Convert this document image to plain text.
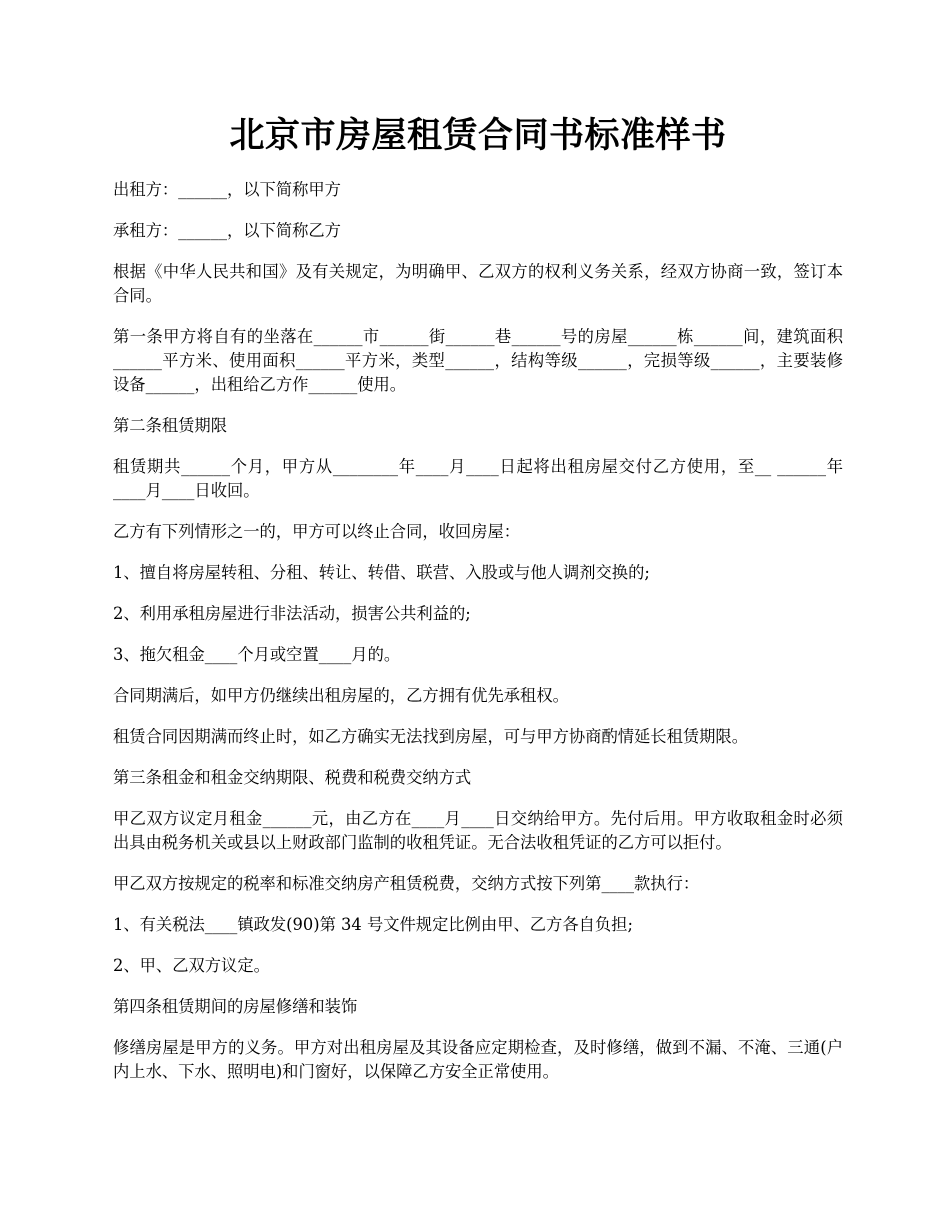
北京市房屋租赁合同书标准样书

出租方：______，以下简称甲方

承租方：______，以下简称乙方

根据《中华人民共和国》及有关规定，为明确甲、乙双方的权利义务关系，经双方协商一致，签订本合同。

第一条甲方将自有的坐落在______市______街______巷______号的房屋______栋______间，建筑面积______平方米、使用面积______平方米，类型______，结构等级______，完损等级______，主要装修设备______，出租给乙方作______使用。

第二条租赁期限

租赁期共______个月，甲方从________年____月____日起将出租房屋交付乙方使用，至__ ______年____月____日收回。

乙方有下列情形之一的，甲方可以终止合同，收回房屋：

1、擅自将房屋转租、分租、转让、转借、联营、入股或与他人调剂交换的;

2、利用承租房屋进行非法活动，损害公共利益的;

3、拖欠租金____个月或空置____月的。

合同期满后，如甲方仍继续出租房屋的，乙方拥有优先承租权。

租赁合同因期满而终止时，如乙方确实无法找到房屋，可与甲方协商酌情延长租赁期限。

第三条租金和租金交纳期限、税费和税费交纳方式

甲乙双方议定月租金______元，由乙方在____月____日交纳给甲方。先付后用。甲方收取租金时必须出具由税务机关或县以上财政部门监制的收租凭证。无合法收租凭证的乙方可以拒付。

甲乙双方按规定的税率和标准交纳房产租赁税费，交纳方式按下列第____款执行：

1、有关税法____镇政发(90)第 34 号文件规定比例由甲、乙方各自负担;

2、甲、乙双方议定。

第四条租赁期间的房屋修缮和装饰

修缮房屋是甲方的义务。甲方对出租房屋及其设备应定期检查，及时修缮，做到不漏、不淹、三通(户内上水、下水、照明电)和门窗好，以保障乙方安全正常使用。
